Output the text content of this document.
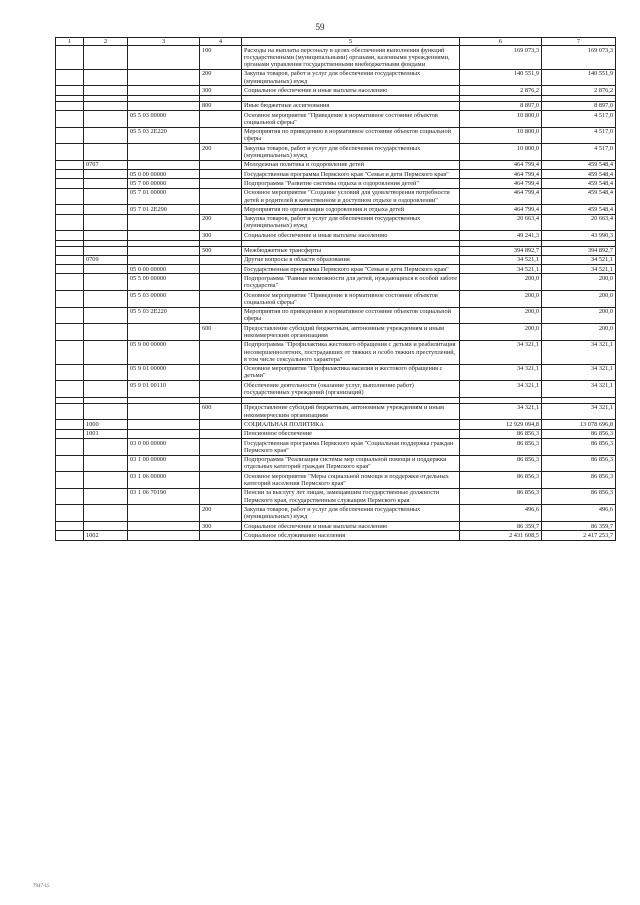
59
1	2	3	4	5	6	7
			100	Расходы на выплаты персоналу в целях обеспечения выполнения функций государственными (муниципальными) органами, казенными учреждениями, органами управления государственными внебюджетными фондами	169 073,3	169 073,3
			200	Закупка товаров, работ и услуг для обеспечения государственных (муниципальных) нужд	140 551,9	140 551,9
			300	Социальное обеспечение и иные выплаты населению	2 876,2	2 876,2

			800	Иные бюджетные ассигнования	8 897,0	8 897,0
		05 5 03 00000		Основное мероприятие "Приведение в нормативное состояние объектов социальной сферы"	10 800,0	4 517,0
		05 5 03 2Е220		Мероприятия по приведению в нормативное состояние объектов социальной сферы	10 800,0	4 517,0
			200	Закупка товаров, работ и услуг для обеспечения государственных (муниципальных) нужд	10 800,0	4 517,0
	0707			Молодежная политика и оздоровление детей	464 799,4	459 548,4
		05 0 00 00000		Государственная программа Пермского края "Семья и дети Пермского края"	464 799,4	459 548,4
		05 7 00 00000		Подпрограмма "Развитие системы отдыха и оздоровления детей"	464 799,4	459 548,4
		05 7 01 00000		Основное мероприятие "Создание условий для удовлетворения потребности детей и родителей в качественном и доступном отдыхе и оздоровлении"	464 799,4	459 548,4
		05 7 01 2Е290		Мероприятия по организации оздоровления и отдыха детей	464 799,4	459 548,4
			200	Закупка товаров, работ и услуг для обеспечения государственных (муниципальных) нужд	20 663,4	20 663,4
			300	Социальное обеспечение и иные выплаты населению	49 241,3	43 990,3

			500	Межбюджетные трансферты	394 892,7	394 892,7
	0709			Другие вопросы в области образования	34 521,1	34 521,1
		05 0 00 00000		Государственная программа Пермского края "Семья и дети Пермского края"	34 521,1	34 521,1
		05 5 00 00000		Подпрограмма "Равные возможности для детей, нуждающихся в особой заботе государства"	200,0	200,0
		05 5 03 00000		Основное мероприятие "Приведение в нормативное состояние объектов социальной сферы"	200,0	200,0
		05 5 03 2Е220		Мероприятия по приведению в нормативное состояние объектов социальной сферы	200,0	200,0
			600	Предоставление субсидий бюджетным, автономным учреждениям и иным некоммерческим организациям	200,0	200,0
		05 9 00 00000		Подпрограмма "Профилактика жестокого обращения с детьми и реабилитация несовершеннолетних, пострадавших от тяжких и особо тяжких преступлений, в том числе сексуального характера"	34 321,1	34 321,1
		05 9 01 00000		Основное мероприятие "Профилактика насилия и жестокого обращения с детьми"	34 321,1	34 321,1
		05 9 01 00110		Обеспечение деятельности (оказание услуг, выполнение работ) государственных учреждений (организаций)	34 321,1	34 321,1

			600	Предоставление субсидий бюджетным, автономным учреждениям и иным некоммерческим организациям	34 321,1	34 321,1
	1000			СОЦИАЛЬНАЯ ПОЛИТИКА	12 929 094,8	13 078 696,8
	1001			Пенсионное обеспечение	86 856,3	86 856,3
		03 0 00 00000		Государственная программа Пермского края "Социальная поддержка граждан Пермского края"	86 856,3	86 856,3
		03 1 00 00000		Подпрограмма "Реализация системы мер социальной помощи и поддержки отдельных категорий граждан Пермского края"	86 856,3	86 856,3
		03 1 06 00000		Основное мероприятие "Меры социальной помощи и поддержки отдельных категорий населения Пермского края"	86 856,3	86 856,3
		03 1 06 70190		Пенсии за выслугу лет лицам, замещавшим государственные должности Пермского края, государственным служащим Пермского края	86 856,3	86 856,3
			200	Закупка товаров, работ и услуг для обеспечения государственных (муниципальных) нужд	496,6	496,6
			300	Социальное обеспечение и иные выплаты населению	86 359,7	86 359,7
	1002			Социальное обслуживание населения	2 431 608,5	2 417 253,7
7947-15
